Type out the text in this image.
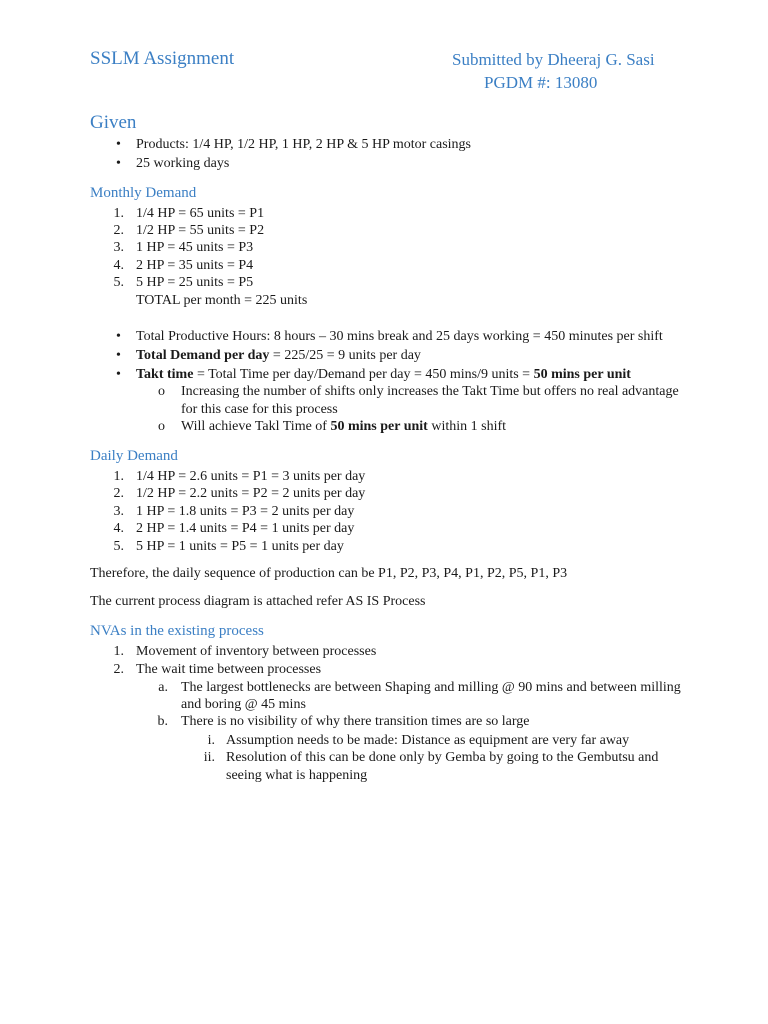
SSLM Assignment	Submitted by Dheeraj G. Sasi
PGDM #: 13080
Given
• Products: 1/4 HP, 1/2 HP, 1 HP, 2 HP & 5 HP motor casings
• 25 working days
Monthly Demand
1. 1/4 HP = 65 units = P1
2. 1/2 HP = 55 units = P2
3. 1 HP = 45 units = P3
4. 2 HP = 35 units = P4
5. 5 HP = 25 units = P5
TOTAL per month = 225 units
• Total Productive Hours: 8 hours – 30 mins break and 25 days working = 450 minutes per shift
• Total Demand per day = 225/25 = 9 units per day
• Takt time = Total Time per day/Demand per day = 450 mins/9 units = 50 mins per unit
o Increasing the number of shifts only increases the Takt Time but offers no real advantage
for this case for this process
o Will achieve Takl Time of 50 mins per unit within 1 shift
Daily Demand
1. 1/4 HP = 2.6 units = P1 = 3 units per day
2. 1/2 HP = 2.2 units = P2 = 2 units per day
3. 1 HP = 1.8 units = P3 = 2 units per day
4. 2 HP = 1.4 units = P4 = 1 units per day
5. 5 HP = 1 units = P5 = 1 units per day
Therefore, the daily sequence of production can be P1, P2, P3, P4, P1, P2, P5, P1, P3
The current process diagram is attached refer AS IS Process
NVAs in the existing process
1. Movement of inventory between processes
2. The wait time between processes
a. The largest bottlenecks are between Shaping and milling @ 90 mins and between milling
and boring @ 45 mins
b. There is no visibility of why there transition times are so large
i. Assumption needs to be made: Distance as equipment are very far away
ii. Resolution of this can be done only by Gemba by going to the Gembutsu and
seeing what is happening
